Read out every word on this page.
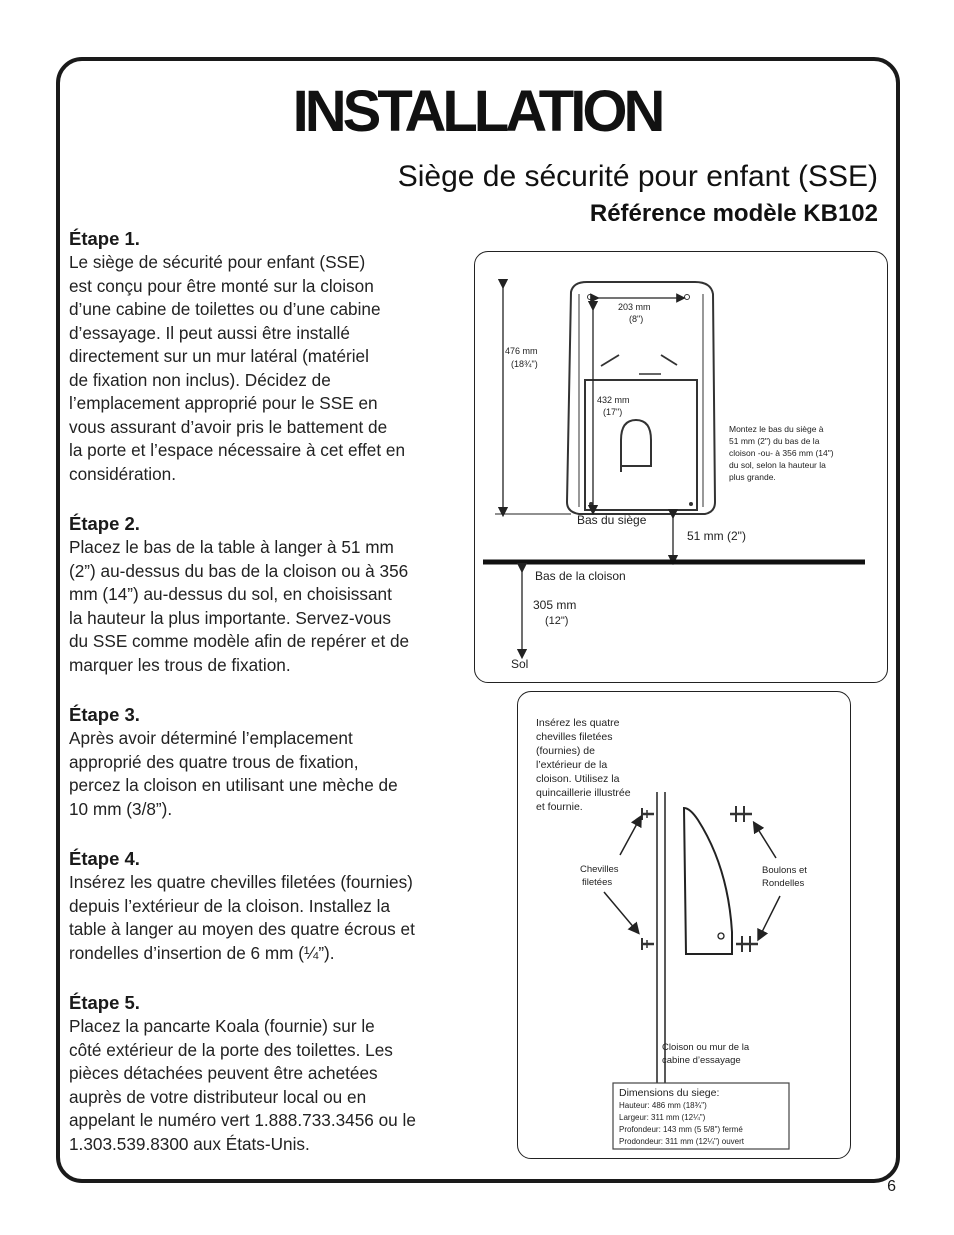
INSTALLATION
Siège de sécurité pour enfant (SSE)
Référence modèle KB102
Étape 1.

Le siège de sécurité pour enfant (SSE)
est conçu pour être monté sur la cloison
d’une cabine de toilettes ou d’une cabine
d’essayage. Il peut aussi être installé
directement sur un mur latéral (matériel
de fixation non inclus). Décidez de
l’emplacement approprié pour le SSE en
vous assurant d’avoir pris le battement de
la porte et l’espace nécessaire à cet effet en
considération.

Étape 2.

Placez le bas de la table à langer à 51 mm
(2”) au-dessus du bas de la cloison ou à 356
mm (14”) au-dessus du sol, en choisissant
la hauteur la plus importante. Servez-vous
du SSE comme modèle afin de repérer et de
marquer les trous de fixation.

Étape 3.

Après avoir déterminé l’emplacement
approprié des quatre trous de fixation,
percez la cloison en utilisant une mèche de
10 mm (3/8”).

Étape 4.

Insérez les quatre chevilles filetées (fournies)
depuis l’extérieur de la cloison. Installez la
table à langer au moyen des quatre écrous et
rondelles d’insertion de 6 mm (¼”).

Étape 5.

Placez la pancarte Koala (fournie) sur le
côté extérieur de la porte des toilettes. Les
pièces détachées peuvent être achetées
auprès de votre distributeur local ou en
appelant le numéro vert 1.888.733.3456 ou le
1.303.539.8300 aux États-Unis.

203 mm
(8")
476 mm
(18¾")
432 mm
(17")
Montez le bas du siège à
51 mm (2") du bas de la
cloison -ou- à 356 mm (14")
du sol, selon la hauteur la
plus grande.
Bas du siège
51 mm (2")
Bas de la cloison
305 mm
(12")
Sol
Insérez les quatre
chevilles filetées
(fournies) de
l’extérieur de la
cloison. Utilisez la
quincaillerie illustrée
et fournie.
Chevilles
filetées
Boulons et
Rondelles
Cloison ou mur de la
cabine d’essayage
Dimensions du siege:
Hauteur: 486 mm (18¾")
Largeur: 311 mm (12¼")
Profondeur: 143 mm (5 5/8") fermé
Prodondeur: 311 mm (12¼") ouvert
6
